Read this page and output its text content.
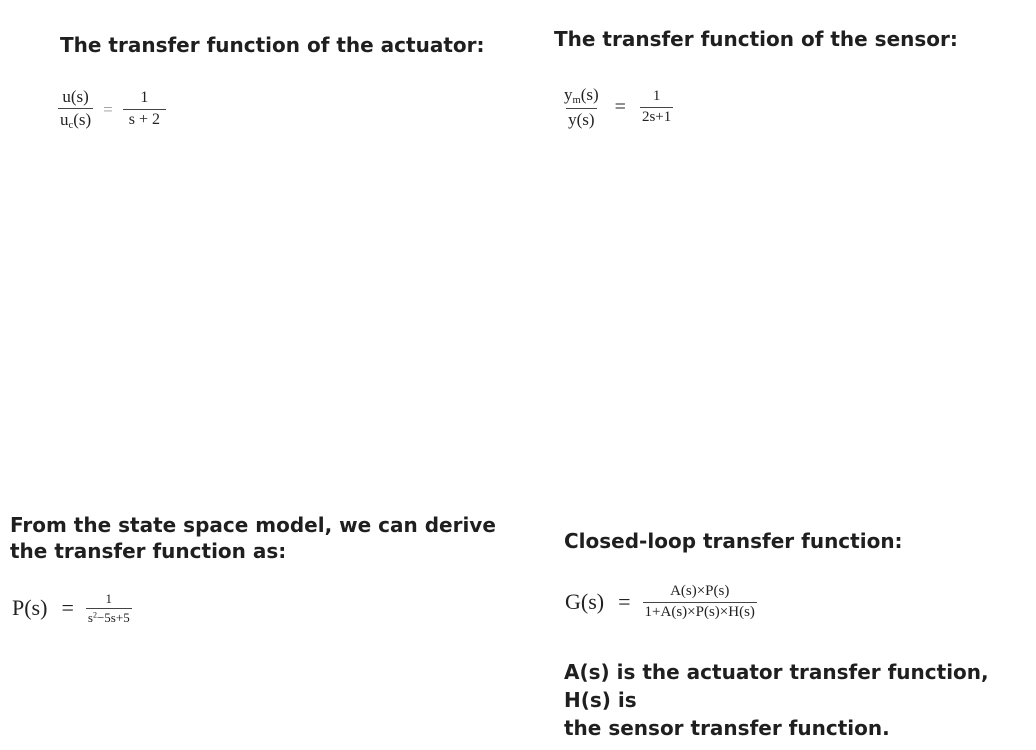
The transfer function of the actuator:
$\frac{u(s)}{u_c(s)} = \frac{1}{s + 2}$
The transfer function of the sensor:
$\frac{y_m(s)}{y(s)} = \frac{1}{2s+1}$
From the state space model, we can derive
the transfer function as:
$P(s) = \frac{1}{s^2-5s+5}$
Closed-loop transfer function:
$G(s) = \frac{A(s)\times P(s)}{1+A(s)\times P(s)\times H(s)}$
A(s) is the actuator transfer function, H(s) is
the sensor transfer function.
